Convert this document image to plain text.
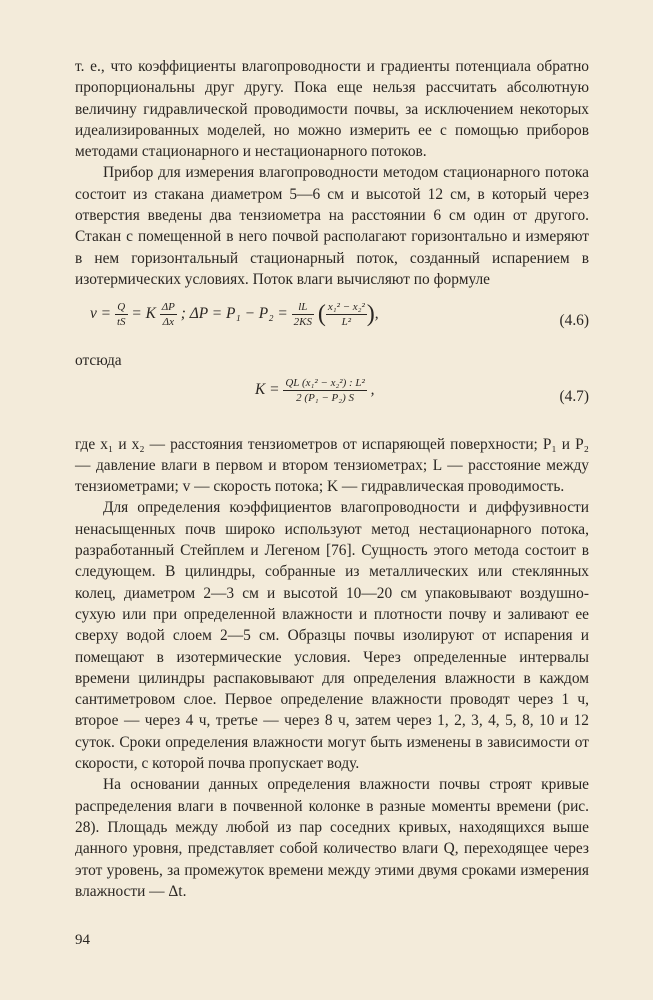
т. е., что коэффициенты влагопроводности и градиенты потенциала обратно пропорциональны друг другу. Пока еще нельзя рассчитать абсолютную величину гидравлической проводимости почвы, за исключением некоторых идеализированных моделей, но можно измерить ее с помощью приборов методами стационарного и нестационарного потоков.

Прибор для измерения влагопроводности методом стационарного потока состоит из стакана диаметром 5—6 см и высотой 12 см, в который через отверстия введены два тензиометра на расстоянии 6 см один от другого. Стакан с помещенной в него почвой располагают горизонтально и измеряют в нем горизонтальный стационарный поток, созданный испарением в изотермических условиях. Поток влаги вычисляют по формуле

$v = \frac{Q}{tS} = K \frac{\Delta P}{\Delta x}$ ; $\Delta P = P_1 - P_2 = \frac{lL}{2KS}$ ( $\frac{\text{x₁² − x₂²}}{\text{L²}}$ ),	(4.6)

отсюда

$K = \frac{\text{QL (x₁² − x₂²) : L²}}{\text{2 (P₁ − P₂) S}}$ ,	(4.7)

где x₁ и x₂ — расстояния тензиометров от испаряющей поверхности; P₁ и P₂ — давление влаги в первом и втором тензиометрах; L — расстояние между тензиометрами; v — скорость потока; K — гидравлическая проводимость.

Для определения коэффициентов влагопроводности и диффузивности ненасыщенных почв широко используют метод нестационарного потока, разработанный Стейплем и Легеном [76]. Сущность этого метода состоит в следующем. В цилиндры, собранные из металлических или стеклянных колец, диаметром 2—3 см и высотой 10—20 см упаковывают воздушно-сухую или при определенной влажности и плотности почву и заливают ее сверху водой слоем 2—5 см. Образцы почвы изолируют от испарения и помещают в изотермические условия. Через определенные интервалы времени цилиндры распаковывают для определения влажности в каждом сантиметровом слое. Первое определение влажности проводят через 1 ч, второе — через 4 ч, третье — через 8 ч, затем через 1, 2, 3, 4, 5, 8, 10 и 12 суток. Сроки определения влажности могут быть изменены в зависимости от скорости, с которой почва пропускает воду.

На основании данных определения влажности почвы строят кривые распределения влаги в почвенной колонке в разные моменты времени (рис. 28). Площадь между любой из пар соседних кривых, находящихся выше данного уровня, представляет собой количество влаги Q, переходящее через этот уровень, за промежуток времени между этими двумя сроками измерения влажности — Δt.

94
